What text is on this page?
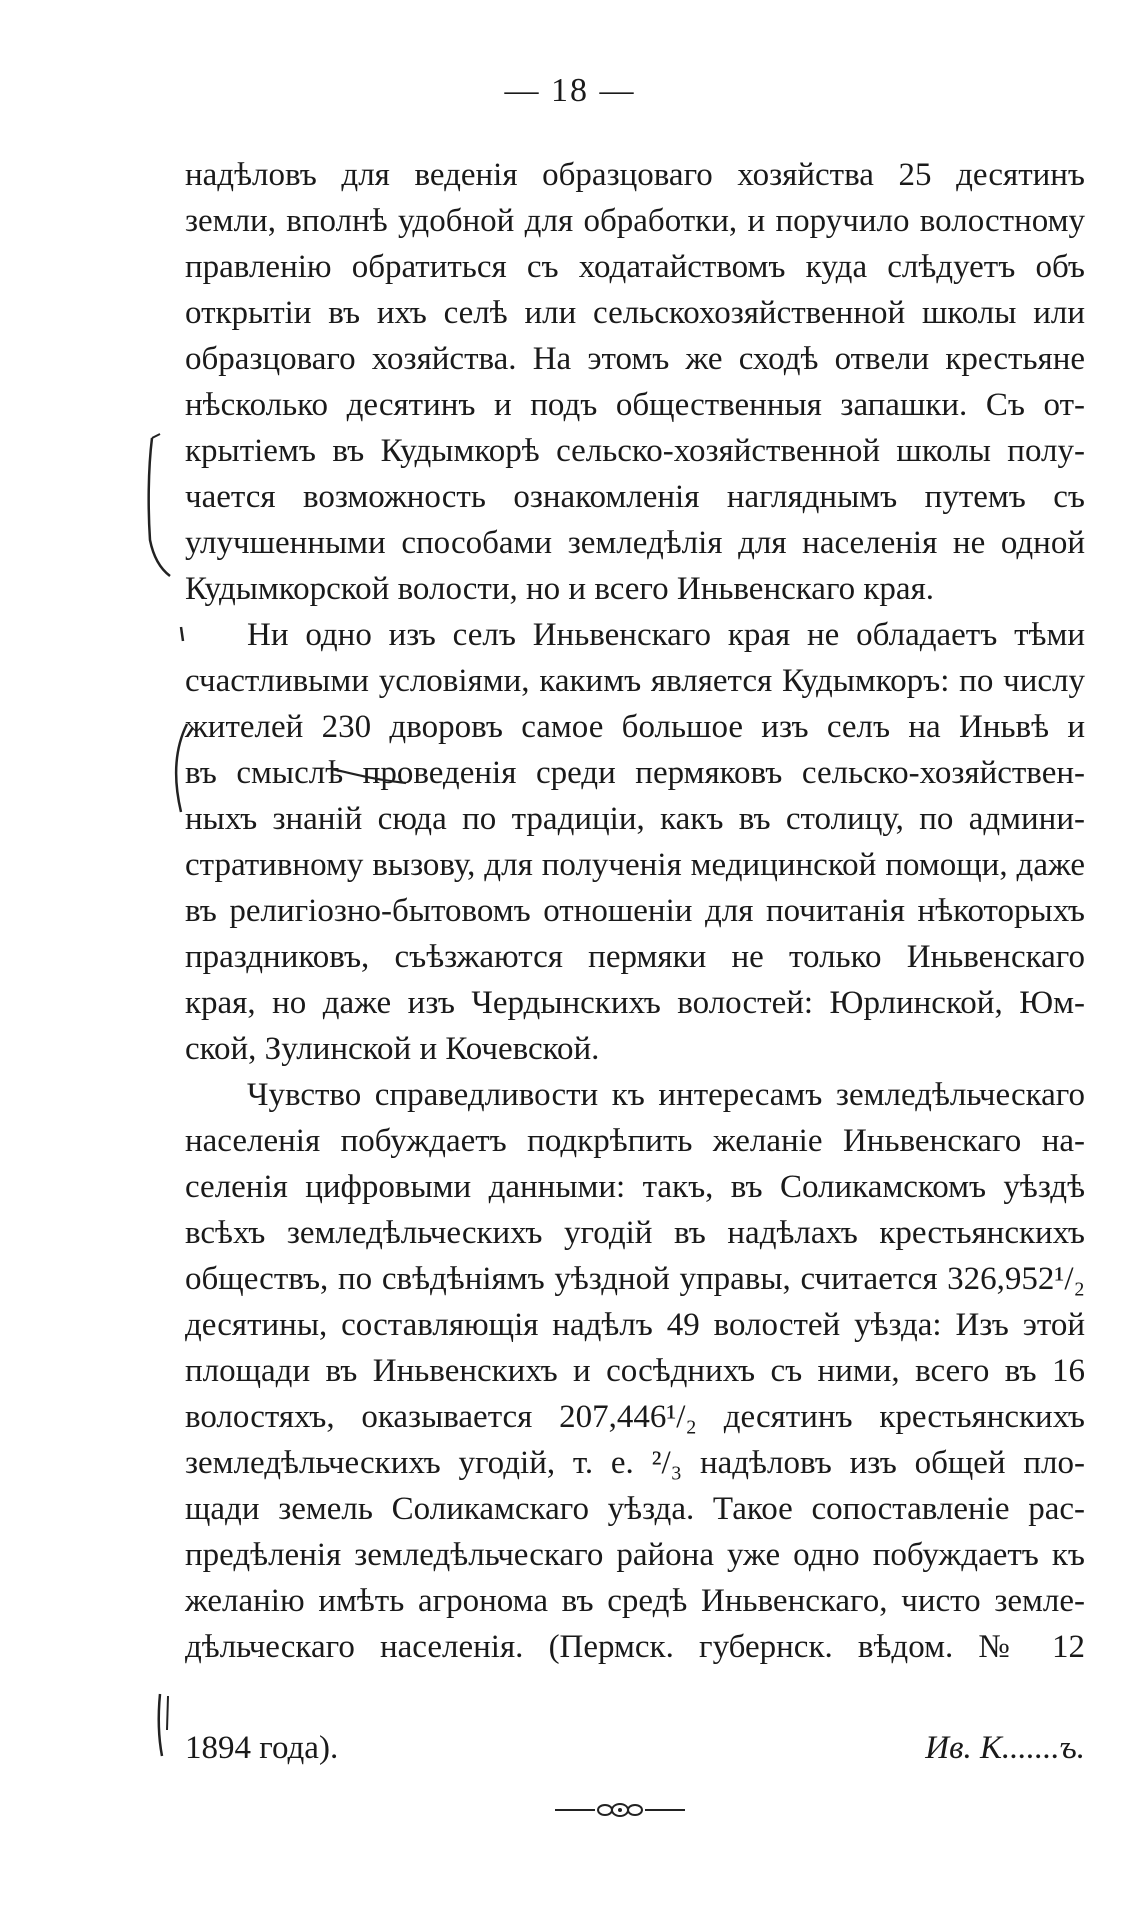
— 18 —
надѣловъ для веденія образцоваго хозяйства 25 десятинъ
земли, вполнѣ удобной для обработки, и поручило волостному
правленію обратиться съ ходатайствомъ куда слѣдуетъ объ
открытіи въ ихъ селѣ или сельскохозяйственной школы или
образцоваго хозяйства. На этомъ же сходѣ отвели крестьяне
нѣсколько десятинъ и подъ общественныя запашки. Съ от-
крытіемъ въ Кудымкорѣ сельско-хозяйственной школы полу-
чается возможность ознакомленія нагляднымъ путемъ съ
улучшенными способами земледѣлія для населенія не одной
Кудымкорской волости, но и всего Иньвенскаго края.
Ни одно изъ селъ Иньвенскаго края не обладаетъ тѣми
счастливыми условіями, какимъ является Кудымкоръ: по числу
жителей 230 дворовъ самое большое изъ селъ на Иньвѣ и
въ смыслѣ проведенія среди пермяковъ сельско-хозяйствен-
ныхъ знаній сюда по традиціи, какъ въ столицу, по админи-
стративному вызову, для полученія медицинской помощи, даже
въ религіозно-бытовомъ отношеніи для почитанія нѣкоторыхъ
праздниковъ, съѣзжаются пермяки не только Иньвенскаго
края, но даже изъ Чердынскихъ волостей: Юрлинской, Юм-
ской, Зулинской и Кочевской.
Чувство справедливости къ интересамъ земледѣльческаго
населенія побуждаетъ подкрѣпить желаніе Иньвенскаго на-
селенія цифровыми данными: такъ, въ Соликамскомъ уѣздѣ
всѣхъ земледѣльческихъ угодій въ надѣлахъ крестьянскихъ
обществъ, по свѣдѣніямъ уѣздной управы, считается 326,952¹/₂
десятины, составляющія надѣлъ 49 волостей уѣзда: Изъ этой
площади въ Иньвенскихъ и сосѣднихъ съ ними, всего въ 16
волостяхъ, оказывается 207,446¹/₂ десятинъ крестьянскихъ
земледѣльческихъ угодій, т. е. ²/₃ надѣловъ изъ общей пло-
щади земель Соликамскаго уѣзда. Такое сопоставленіе рас-
предѣленія земледѣльческаго района уже одно побуждаетъ къ
желанію имѣть агронома въ средѣ Иньвенскаго, чисто земле-
дѣльческаго населенія. (Пермск. губернск. вѣдом. № 12
1894 года).	Ив. К.......ъ.
